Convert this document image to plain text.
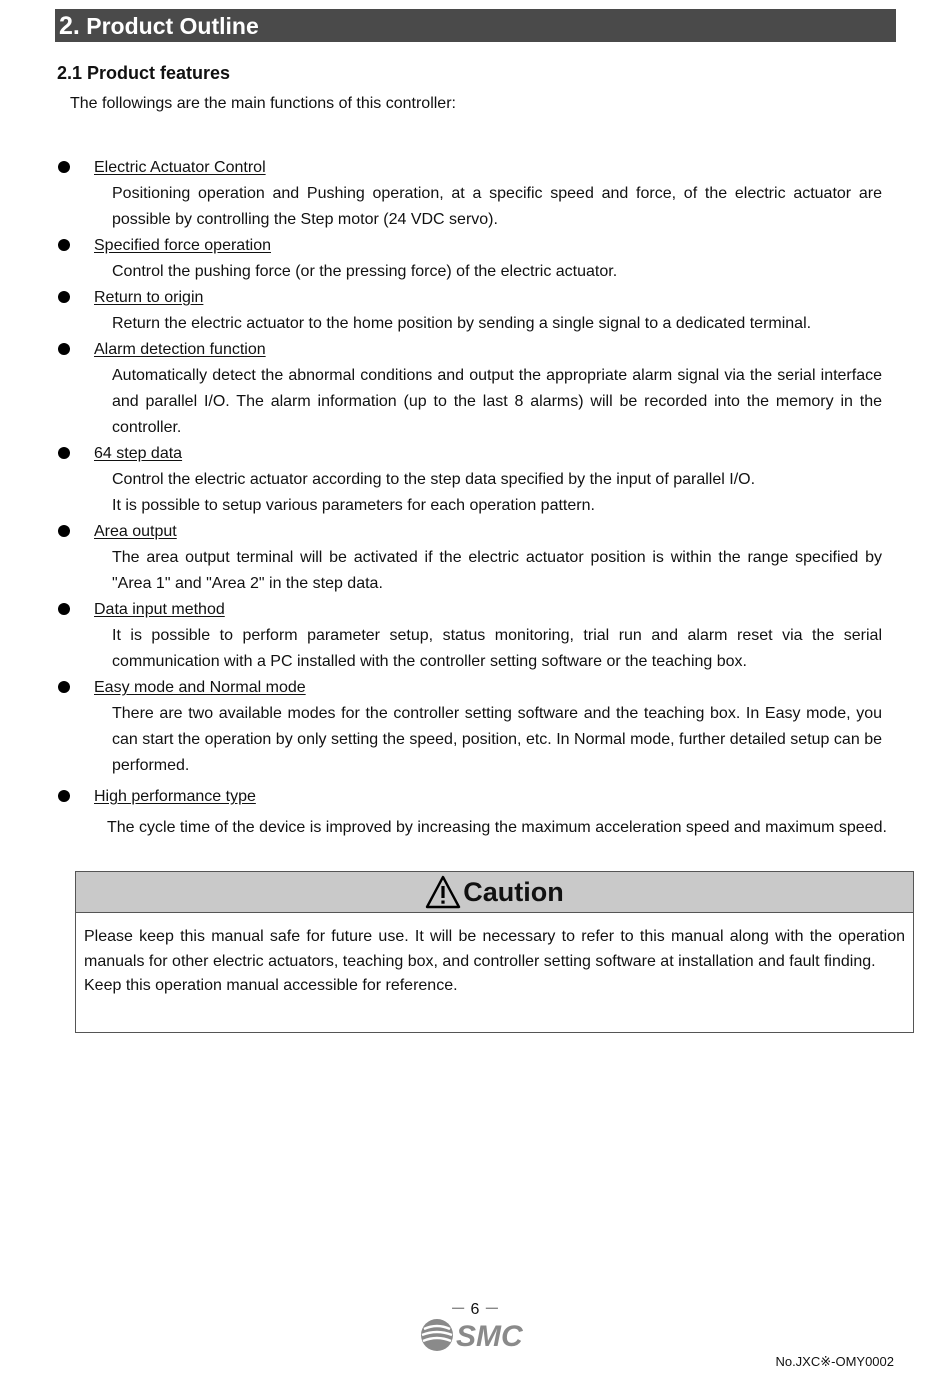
2. Product Outline
2.1 Product features
The followings are the main functions of this controller:
Electric Actuator Control
Positioning operation and Pushing operation, at a specific speed and force, of the electric actuator are possible by controlling the Step motor (24 VDC servo).
Specified force operation
Control the pushing force (or the pressing force) of the electric actuator.
Return to origin
Return the electric actuator to the home position by sending a single signal to a dedicated terminal.
Alarm detection function
Automatically detect the abnormal conditions and output the appropriate alarm signal via the serial interface and parallel I/O. The alarm information (up to the last 8 alarms) will be recorded into the memory in the controller.
64 step data
Control the electric actuator according to the step data specified by the input of parallel I/O.
It is possible to setup various parameters for each operation pattern.
Area output
The area output terminal will be activated if the electric actuator position is within the range specified by "Area 1" and "Area 2" in the step data.
Data input method
It is possible to perform parameter setup, status monitoring, trial run and alarm reset via the serial communication with a PC installed with the controller setting software or the teaching box.
Easy mode and Normal mode
There are two available modes for the controller setting software and the teaching box. In Easy mode, you can start the operation by only setting the speed, position, etc. In Normal mode, further detailed setup can be performed.
High performance type
The cycle time of the device is improved by increasing the maximum acceleration speed and maximum speed.
Caution

Please keep this manual safe for future use. It will be necessary to refer to this manual along with the operation manuals for other electric actuators, teaching box, and controller setting software at installation and fault finding.

Keep this operation manual accessible for reference.

－ 6 －
SMC
No.JXC※-OMY0002
